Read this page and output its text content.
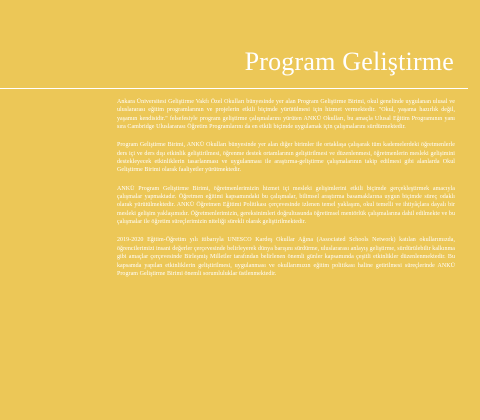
Program Geliştirme

Ankara Üniversitesi Geliştirme Vakfı Özel Okulları bünyesinde yer alan Program Geliştirme Birimi, okul genelinde uygulanan ulusal ve uluslararası eğitim programlarının ve projelerin etkili biçimde yürütülmesi için hizmet vermektedir. "Okul, yaşama hazırlık değil, yaşamın kendisidir." felsefesiyle program geliştirme çalışmalarını yürüten ANKÜ Okulları, bu amaçla Ulusal Eğitim Programının yanı sıra Cambridge Uluslararası Öğretim Programlarını da en etkili biçimde uygulamak için çalışmalarını sürdürmektedir.

Program Geliştirme Birimi, ANKÜ Okulları bünyesinde yer alan diğer birimler ile ortaklaşa çalışarak tüm kademelerdeki öğretmenlerle ders içi ve ders dışı etkinlik geliştirilmesi, öğrenme destek ortamlarının geliştirilmesi ve düzenlenmesi, öğretmenlerin mesleki gelişimini destekleyecek etkinliklerin tasarlanması ve uygulanması ile araştırma-geliştirme çalışmalarının takip edilmesi gibi alanlarda Okul Geliştirme Birimi olarak faaliyetler yürütmektedir.

ANKÜ Program Geliştirme Birimi, öğretmenlerimizin hizmet içi mesleki gelişimlerini etkili biçimde gerçekleştirmek amacıyla çalışmalar yapmaktadır. Öğretmen eğitimi kapsamındaki bu çalışmalar, bilimsel araştırma basamaklarına uygun biçimde süreç odaklı olarak yürütülmektedir. ANKÜ Öğretmen Eğitimi Politikası çerçevesinde izlenen temel yaklaşım, okul temelli ve ihtiyâçlara dayalı bir mesleki gelişim yaklaşımıdır. Öğretmenlerimizin, gereksinimleri doğrultusunda öğretimsel mentörlük çalışmalarına dahil edilmekte ve bu çalışmalar ile öğretim süreçlerimizin niteliği sürekli olarak geliştirilmektedir.

2019-2020 Eğitim-Öğretim yılı itibarıyla UNESCO Kardeş Okullar Ağına (Associated Schools Network) katılan okullarımızda, öğrencilerimizi insani değerler çerçevesinde belirleyerek dünya barışını sürdürme, uluslararası anlayış geliştirme, sürdürülebilir kalkınma gibi amaçlar çerçevesinde Birleşmiş Milletler tarafından belirlenen önemli günler kapsamında çeşitli etkinlikler düzenlenmektedir. Bu kapsamda yapılan etkinliklerin geliştirilmesi, uygulanması ve okullarımızın eğitim politikası haline getirilmesi süreçlerinde ANKÜ Program Geliştirme Birimi önemli sorumluluklar üstlenmektedir.
